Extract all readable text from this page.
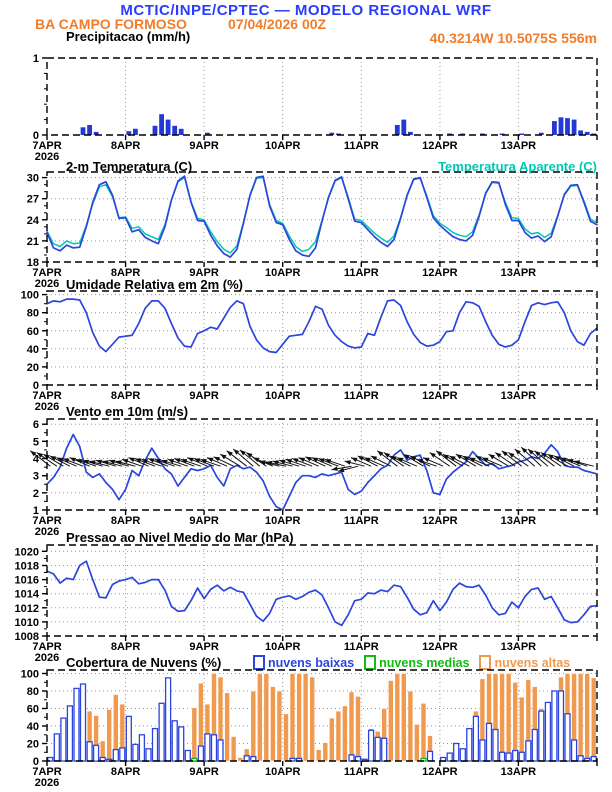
MCTIC/INPE/CPTEC — MODELO REGIONAL WRF
BA CAMPO FORMOSO	07/04/2026 00Z
40.3214W 10.5075S 556m
Precipitacao (mm/h)
2-m Temperatura (C)	Temperatura Aparente (C)
Umidade Relativa em 2m (%)
Vento em 10m (m/s)
Pressao ao Nivel Medio do Mar (hPa)
Cobertura de Nuvens (%)	nuvens baixas nuvens medias nuvens altas
0
1
7APR	8APR	9APR	10APR	11APR	12APR	13APR
2026
18
21
24
27
30
7APR	8APR	9APR	10APR	11APR	12APR	13APR
2026
0
20
40
60
80
100
7APR	8APR	9APR	10APR	11APR	12APR	13APR
2026
1
2
3
4
5
6
7APR	8APR	9APR	10APR	11APR	12APR	13APR
2026
1008
1010
1012
1014
1016
1018
1020
7APR	8APR	9APR	10APR	11APR	12APR	13APR
2026
0
20
40
60
80
100
7APR	8APR	9APR	10APR	11APR	12APR	13APR
2026
